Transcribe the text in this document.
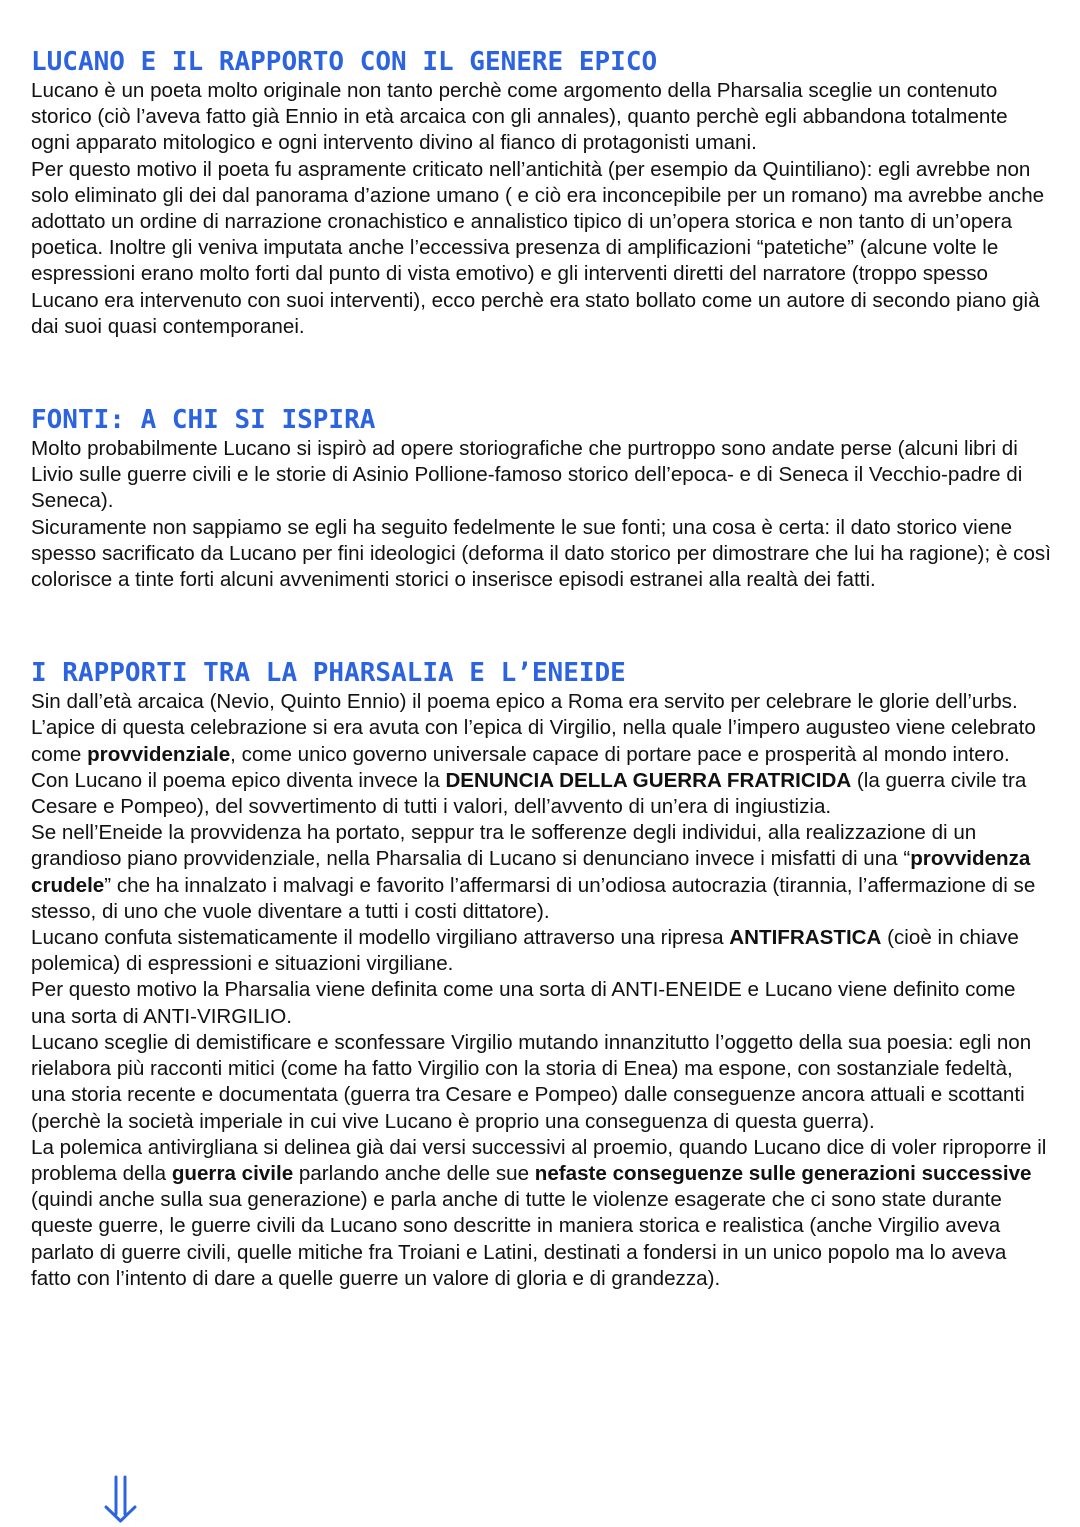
LUCANO E IL RAPPORTO CON IL GENERE EPICO

Lucano è un poeta molto originale non tanto perchè come argomento della Pharsalia sceglie un contenuto storico (ciò l’aveva fatto già Ennio in età arcaica con gli annales), quanto perchè egli abbandona totalmente ogni apparato mitologico e ogni intervento divino al fianco di protagonisti umani.

Per questo motivo il poeta fu aspramente criticato nell’antichità (per esempio da Quintiliano): egli avrebbe non solo eliminato gli dei dal panorama d’azione umano ( e ciò era inconcepibile per un romano) ma avrebbe anche adottato un ordine di narrazione cronachistico e annalistico tipico di un’opera storica e non tanto di un’opera poetica. Inoltre gli veniva imputata anche l’eccessiva presenza di amplificazioni “patetiche” (alcune volte le espressioni erano molto forti dal punto di vista emotivo) e gli interventi diretti del narratore (troppo spesso Lucano era intervenuto con suoi interventi), ecco perchè era stato bollato come un autore di secondo piano già dai suoi quasi contemporanei.

FONTI: A CHI SI ISPIRA

Molto probabilmente Lucano si ispirò ad opere storiografiche che purtroppo sono andate perse (alcuni libri di Livio sulle guerre civili e le storie di Asinio Pollione-famoso storico dell’epoca- e di Seneca il Vecchio-padre di Seneca).

Sicuramente non sappiamo se egli ha seguito fedelmente le sue fonti; una cosa è certa: il dato storico viene spesso sacrificato da Lucano per fini ideologici (deforma il dato storico per dimostrare che lui ha ragione); è così colorisce a tinte forti alcuni avvenimenti storici o inserisce episodi estranei alla realtà dei fatti.

I RAPPORTI TRA LA PHARSALIA E L’ENEIDE

Sin dall’età arcaica (Nevio, Quinto Ennio) il poema epico a Roma era servito per celebrare le glorie dell’urbs. L’apice di questa celebrazione si era avuta con l’epica di Virgilio, nella quale l’impero augusteo viene celebrato come provvidenziale, come unico governo universale capace di portare pace e prosperità al mondo intero.

Con Lucano il poema epico diventa invece la DENUNCIA DELLA GUERRA FRATRICIDA (la guerra civile tra Cesare e Pompeo), del sovvertimento di tutti i valori, dell’avvento di un’era di ingiustizia.

Se nell’Eneide la provvidenza ha portato, seppur tra le sofferenze degli individui, alla realizzazione di un grandioso piano provvidenziale, nella Pharsalia di Lucano si denunciano invece i misfatti di una “provvidenza crudele” che ha innalzato i malvagi e favorito l’affermarsi di un’odiosa autocrazia (tirannia, l’affermazione di se stesso, di uno che vuole diventare a tutti i costi dittatore).

Lucano confuta sistematicamente il modello virgiliano attraverso una ripresa ANTIFRASTICA (cioè in chiave polemica) di espressioni e situazioni virgiliane.

Per questo motivo la Pharsalia viene definita come una sorta di ANTI-ENEIDE e Lucano viene definito come una sorta di ANTI-VIRGILIO.

Lucano sceglie di demistificare e sconfessare Virgilio mutando innanzitutto l’oggetto della sua poesia: egli non rielabora più racconti mitici (come ha fatto Virgilio con la storia di Enea) ma espone, con sostanziale fedeltà, una storia recente e documentata (guerra tra Cesare e Pompeo) dalle conseguenze ancora attuali e scottanti (perchè la società imperiale in cui vive Lucano è proprio una conseguenza di questa guerra).

La polemica antivirgliana si delinea già dai versi successivi al proemio, quando Lucano dice di voler riproporre il problema della guerra civile parlando anche delle sue nefaste conseguenze sulle generazioni successive (quindi anche sulla sua generazione) e parla anche di tutte le violenze esagerate che ci sono state durante queste guerre, le guerre civili da Lucano sono descritte in maniera storica e realistica (anche Virgilio aveva parlato di guerre civili, quelle mitiche fra Troiani e Latini, destinati a fondersi in un unico popolo ma lo aveva fatto con l’intento di dare a quelle guerre un valore di gloria e di grandezza).
